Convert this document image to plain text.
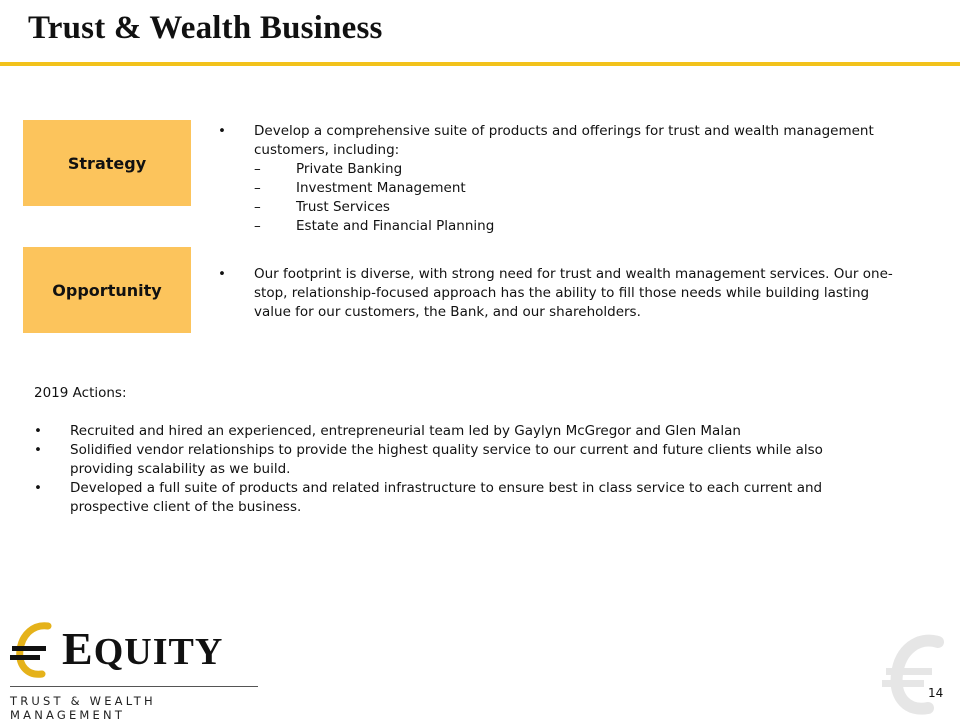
Trust & Wealth Business
Strategy
•	Develop a comprehensive suite of products and offerings for trust and wealth management customers, including:
–	Private Banking
–	Investment Management
–	Trust Services
–	Estate and Financial Planning
Opportunity
•	Our footprint is diverse, with strong need for trust and wealth management services. Our one-stop, relationship-focused approach has the ability to fill those needs while building lasting value for our customers, the Bank, and our shareholders.
2019 Actions:
•	Recruited and hired an experienced, entrepreneurial team led by Gaylyn McGregor and Glen Malan
•	Solidified vendor relationships to provide the highest quality service to our current and future clients while also providing scalability as we build.
•	Developed a full suite of products and related infrastructure to ensure best in class service to each current and prospective client of the business.
EQUITY
TRUST & WEALTH MANAGEMENT
14
